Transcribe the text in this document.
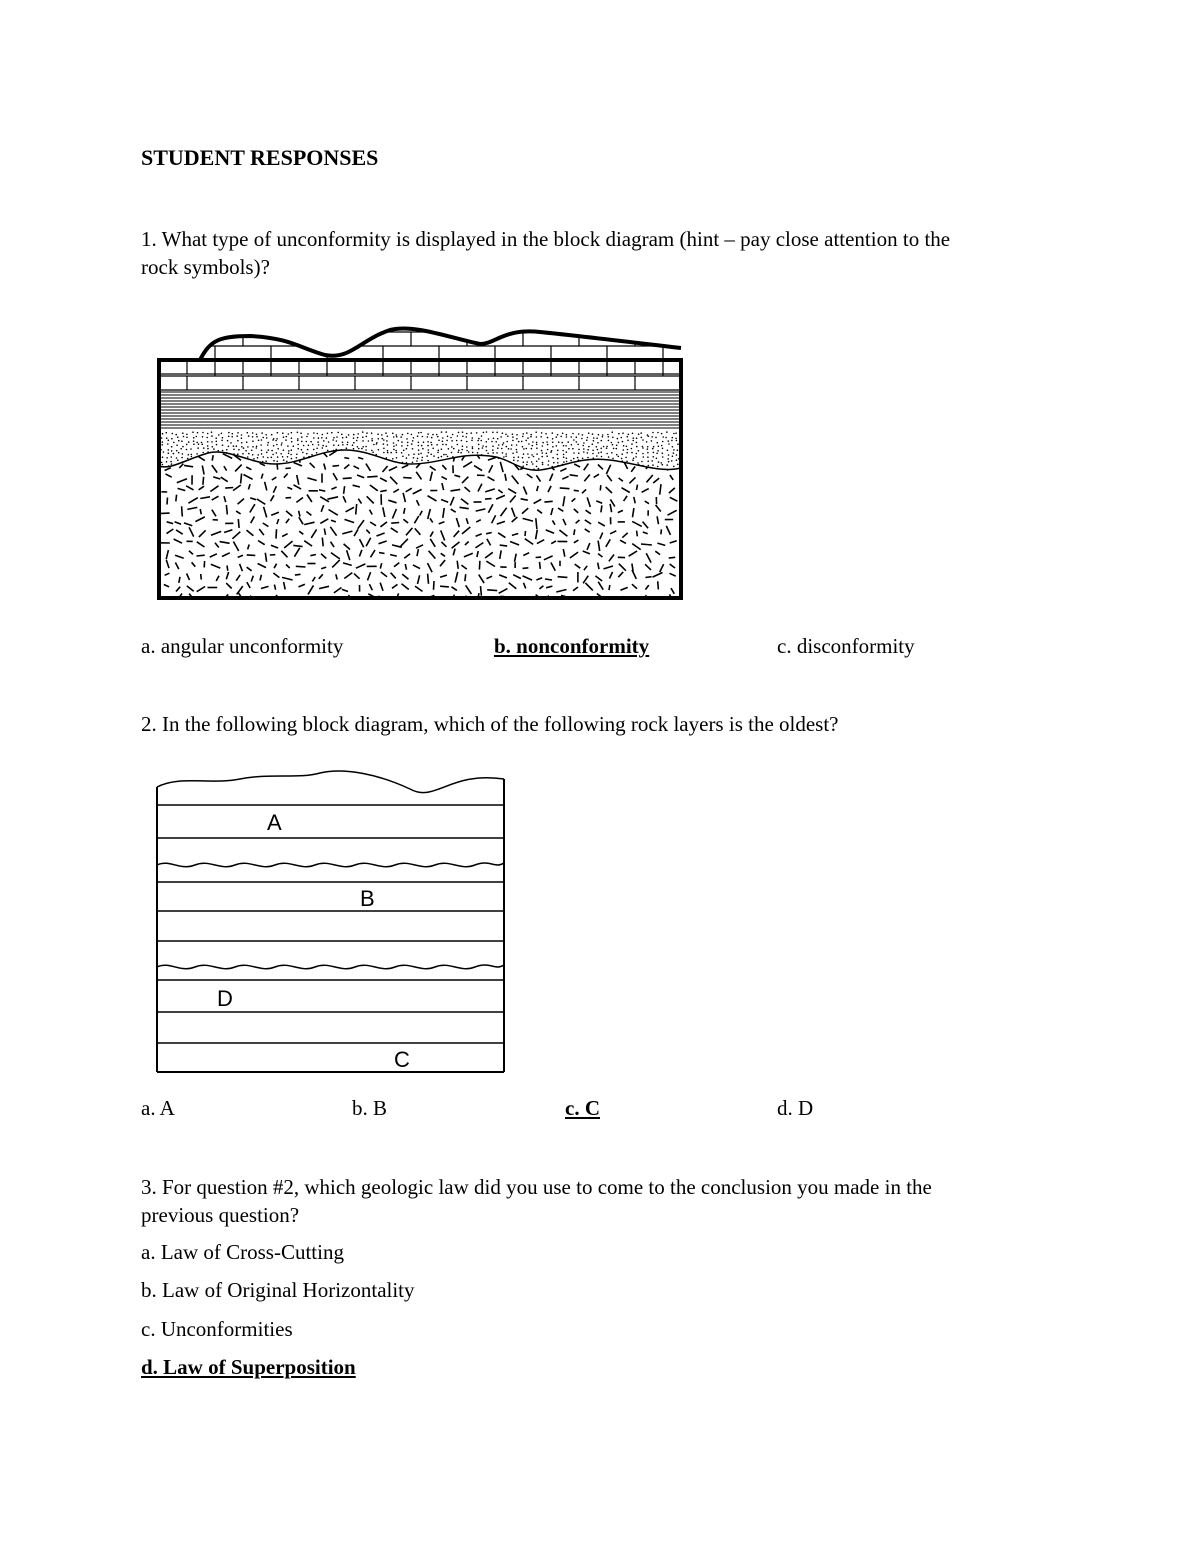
STUDENT RESPONSES
1. What type of unconformity is displayed in the block diagram (hint – pay close attention to the
rock symbols)?
a. angular unconformity	b. nonconformity	c. disconformity
2. In the following block diagram, which of the following rock layers is the oldest?
A
B
D
C
a. A	b. B	c. C	d. D
3. For question #2, which geologic law did you use to come to the conclusion you made in the
previous question?
a. Law of Cross-Cutting
b. Law of Original Horizontality
c. Unconformities
d. Law of Superposition
